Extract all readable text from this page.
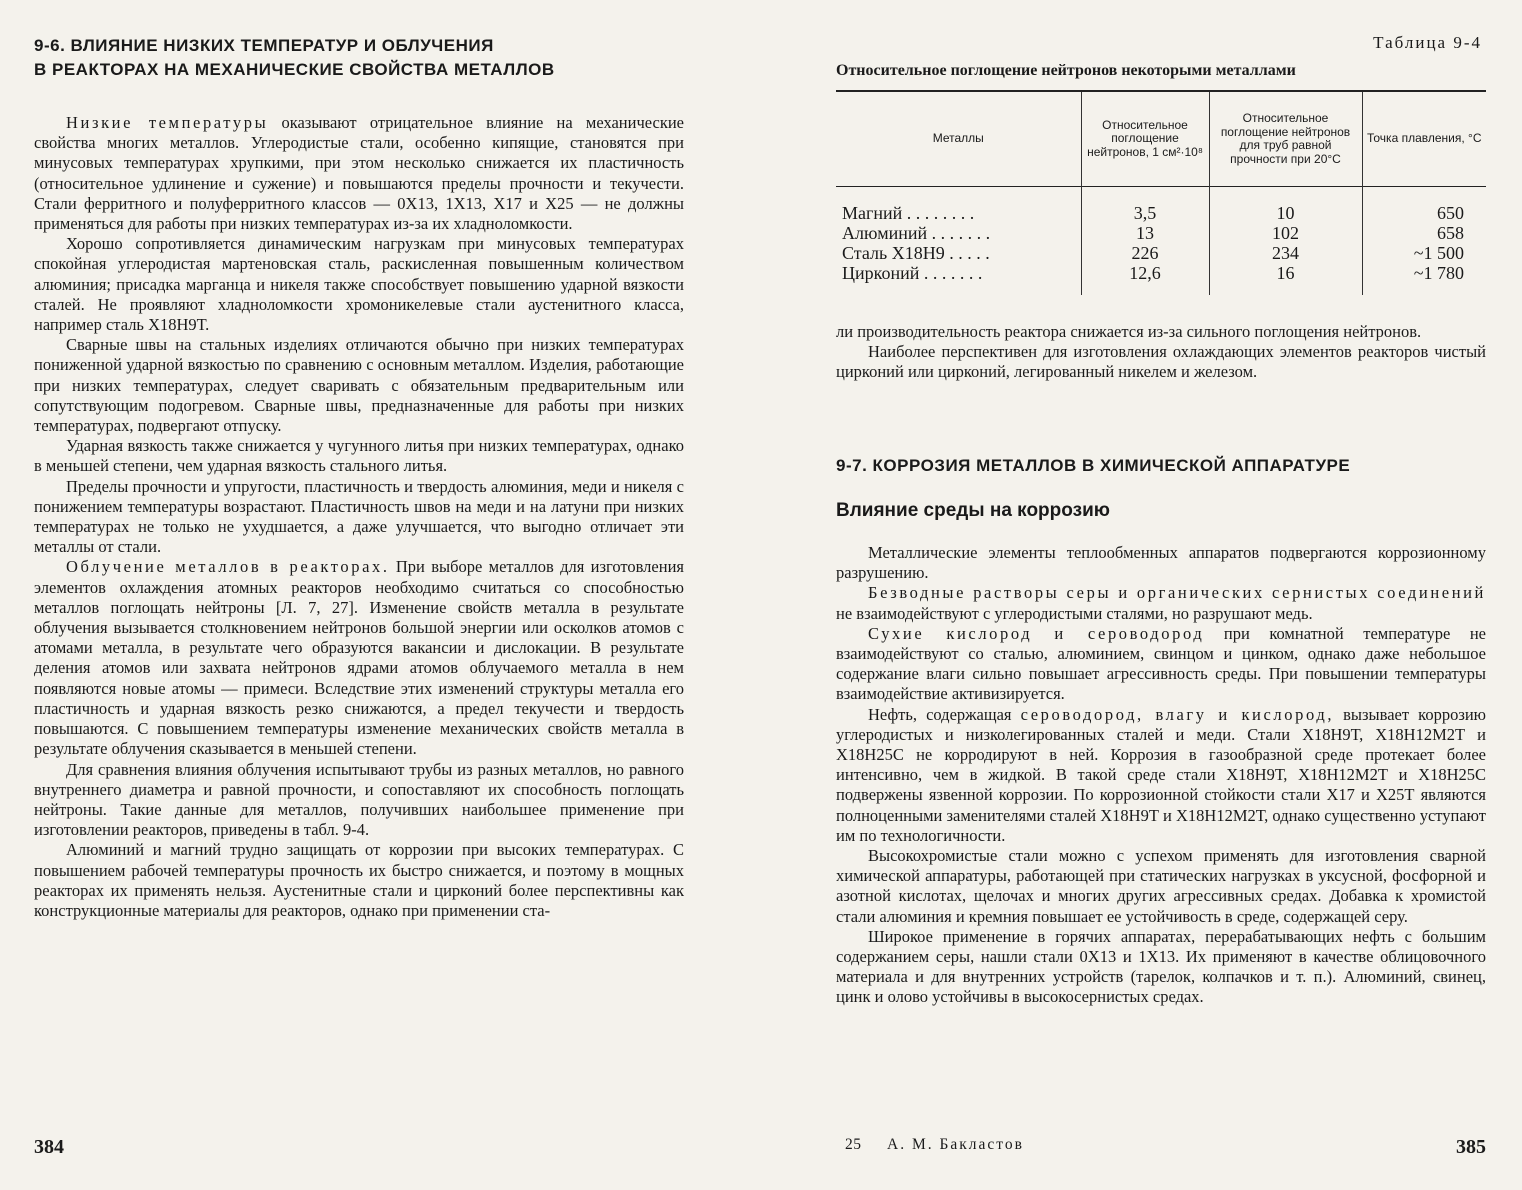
9-6. ВЛИЯНИЕ НИЗКИХ ТЕМПЕРАТУР И ОБЛУЧЕНИЯ

В РЕАКТОРАХ НА МЕХАНИЧЕСКИЕ СВОЙСТВА МЕТАЛЛОВ

Низкие температуры оказывают отрицательное влияние на механические свойства многих металлов. Углеродистые стали, особенно кипящие, становятся при минусовых температурах хрупкими, при этом несколько снижается их пластичность (относительное удлинение и сужение) и повышаются пределы прочности и текучести. Стали ферритного и полуферритного классов — 0Х13, 1Х13, Х17 и Х25 — не должны применяться для работы при низких температурах из-за их хладноломкости.

Хорошо сопротивляется динамическим нагрузкам при минусовых температурах спокойная углеродистая мартеновская сталь, раскисленная повышенным количеством алюминия; присадка марганца и никеля также способствует повышению ударной вязкости сталей. Не проявляют хладноломкости хромоникелевые стали аустенитного класса, например сталь Х18Н9Т.

Сварные швы на стальных изделиях отличаются обычно при низких температурах пониженной ударной вязкостью по сравнению с основным металлом. Изделия, работающие при низких температурах, следует сваривать с обязательным предварительным или сопутствующим подогревом. Сварные швы, предназначенные для работы при низких температурах, подвергают отпуску.

Ударная вязкость также снижается у чугунного литья при низких температурах, однако в меньшей степени, чем ударная вязкость стального литья.

Пределы прочности и упругости, пластичность и твердость алюминия, меди и никеля с понижением температуры возрастают. Пластичность швов на меди и на латуни при низких температурах не только не ухудшается, а даже улучшается, что выгодно отличает эти металлы от стали.

Облучение металлов в реакторах. При выборе металлов для изготовления элементов охлаждения атомных реакторов необходимо считаться со способностью металлов поглощать нейтроны [Л. 7, 27]. Изменение свойств металла в результате облучения вызывается столкновением нейтронов большой энергии или осколков атомов с атомами металла, в результате чего образуются вакансии и дислокации. В результате деления атомов или захвата нейтронов ядрами атомов облучаемого металла в нем появляются новые атомы — примеси. Вследствие этих изменений структуры металла его пластичность и ударная вязкость резко снижаются, а предел текучести и твердость повышаются. С повышением температуры изменение механических свойств металла в результате облучения сказывается в меньшей степени.

Для сравнения влияния облучения испытывают трубы из разных металлов, но равного внутреннего диаметра и равной прочности, и сопоставляют их способность поглощать нейтроны. Такие данные для металлов, получивших наибольшее применение при изготовлении реакторов, приведены в табл. 9-4.

Алюминий и магний трудно защищать от коррозии при высоких температурах. С повышением рабочей температуры прочность их быстро снижается, и поэтому в мощных реакторах их применять нельзя. Аустенитные стали и цирконий более перспективны как конструкционные материалы для реакторов, однако при применении ста-

384
Таблица 9-4
Относительное поглощение нейтронов некоторыми металлами
Металлы	Относительное поглощение нейтронов, 1 см²·10⁸	Относительное поглощение нейтронов для труб равной прочности при 20°С	Точка плавления, °С
Магний . . . . . . . .	3,5	10	650
Алюминий . . . . . . .	13	102	658
Сталь Х18Н9 . . . . .	226	234	~1 500
Цирконий . . . . . . .	12,6	16	~1 780

ли производительность реактора снижается из-за сильного поглощения нейтронов.

Наиболее перспективен для изготовления охлаждающих элементов реакторов чистый цирконий или цирконий, легированный никелем и железом.

9-7. КОРРОЗИЯ МЕТАЛЛОВ В ХИМИЧЕСКОЙ АППАРАТУРЕ

Влияние среды на коррозию

Металлические элементы теплообменных аппаратов подвергаются коррозионному разрушению.

Безводные растворы серы и органических сернистых соединений не взаимодействуют с углеродистыми сталями, но разрушают медь.

Сухие кислород и сероводород при комнатной температуре не взаимодействуют со сталью, алюминием, свинцом и цинком, однако даже небольшое содержание влаги сильно повышает агрессивность среды. При повышении температуры взаимодействие активизируется.

Нефть, содержащая сероводород, влагу и кислород, вызывает коррозию углеродистых и низколегированных сталей и меди. Стали Х18Н9Т, Х18Н12М2Т и Х18Н25С не корродируют в ней. Коррозия в газообразной среде протекает более интенсивно, чем в жидкой. В такой среде стали Х18Н9Т, Х18Н12М2Т и Х18Н25С подвержены язвенной коррозии. По коррозионной стойкости стали Х17 и Х25Т являются полноценными заменителями сталей Х18Н9Т и Х18Н12М2Т, однако существенно уступают им по технологичности.

Высокохромистые стали можно с успехом применять для изготовления сварной химической аппаратуры, работающей при статических нагрузках в уксусной, фосфорной и азотной кислотах, щелочах и многих других агрессивных средах. Добавка к хромистой стали алюминия и кремния повышает ее устойчивость в среде, содержащей серу.

Широкое применение в горячих аппаратах, перерабатывающих нефть с большим содержанием серы, нашли стали 0Х13 и 1Х13. Их применяют в качестве облицовочного материала и для внутренних устройств (тарелок, колпачков и т. п.). Алюминий, свинец, цинк и олово устойчивы в высокосернистых средах.

25 А. М. Бакластов	385
